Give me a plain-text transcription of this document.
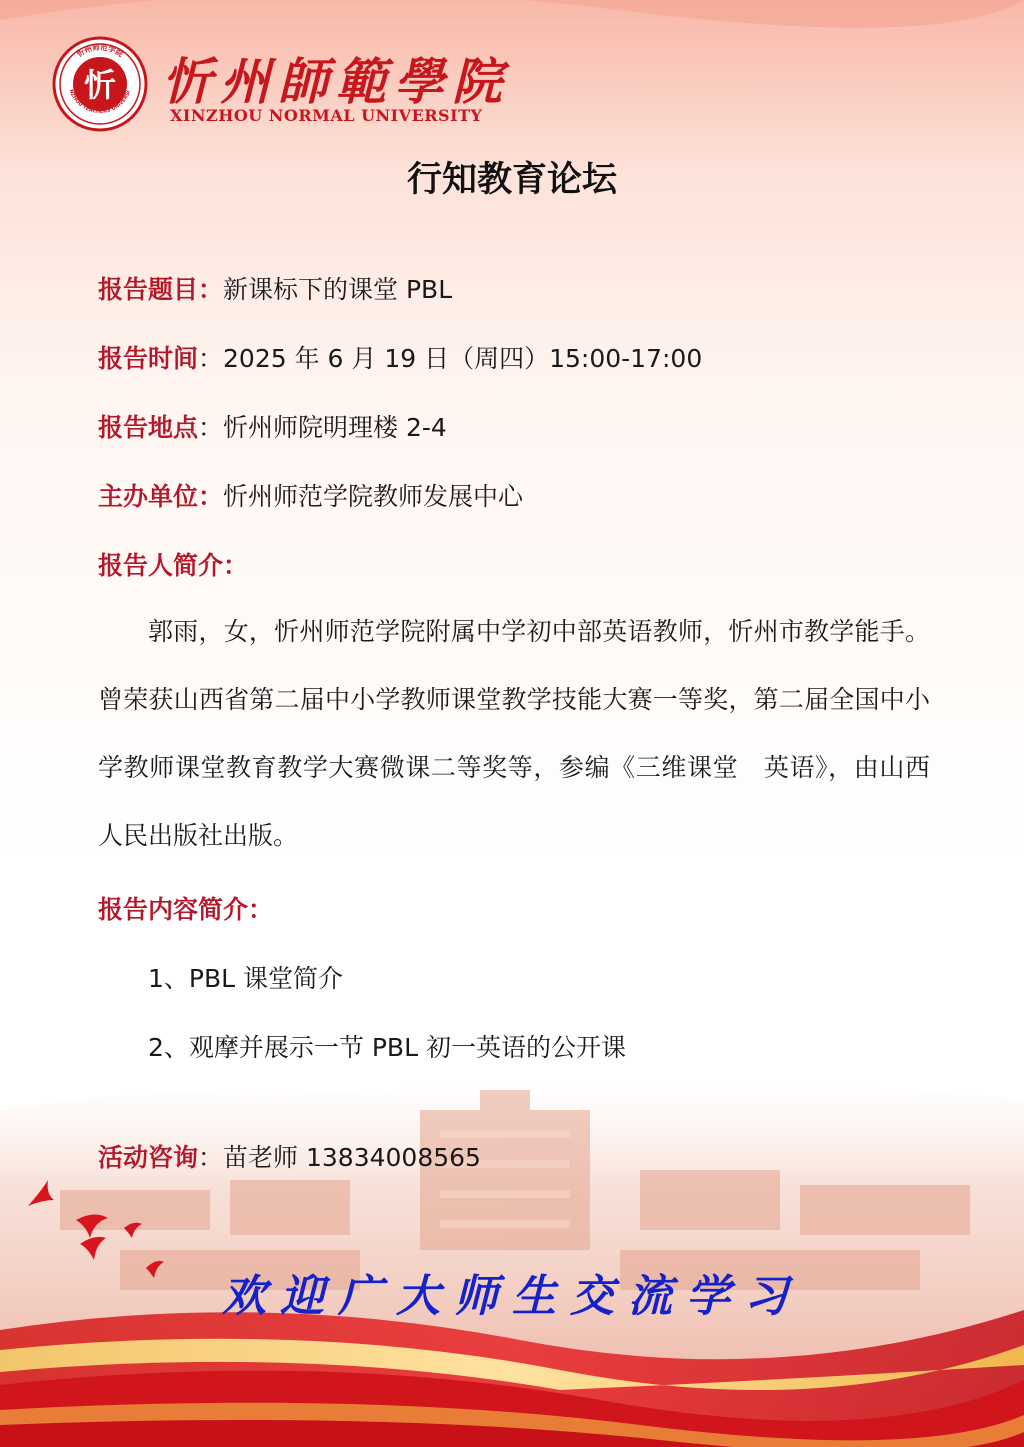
忻
忻州师范学院
NZHOU TEACHERS UNIVERSI 忻州師範學院
XINZHOU NORMAL UNIVERSITY
行知教育论坛
报告题目：新课标下的课堂 PBL
报告时间：2025 年 6 月 19 日（周四）15:00-17:00
报告地点：忻州师院明理楼 2-4
主办单位：忻州师范学院教师发展中心
报告人简介：
郭雨，女，忻州师范学院附属中学初中部英语教师，忻州市教学能手。曾荣获山西省第二届中小学教师课堂教学技能大赛一等奖，第二届全国中小学教师课堂教育教学大赛微课二等奖等，参编《三维课堂　英语》，由山西人民出版社出版。
报告内容简介：
1、PBL 课堂简介
2、观摩并展示一节 PBL 初一英语的公开课
活动咨询：苗老师 13834008565
欢迎广大师生交流学习
